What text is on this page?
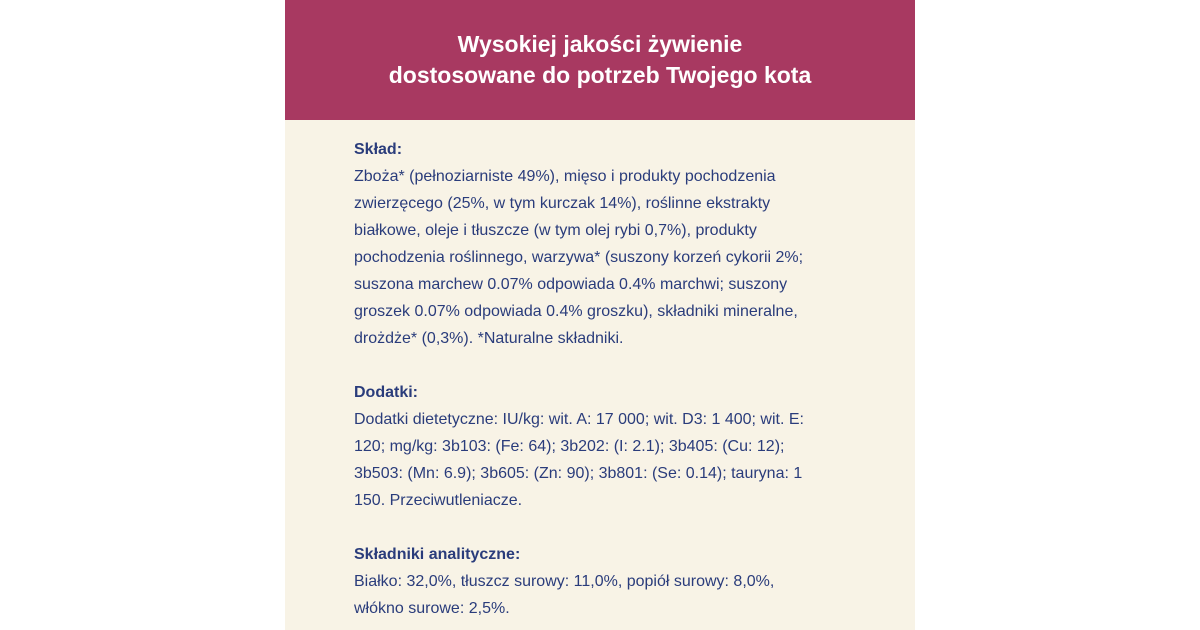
Wysokiej jakości żywienie
dostosowane do potrzeb Twojego kota
Skład:
Zboża* (pełnoziarniste 49%), mięso i produkty pochodzenia
zwierzęcego (25%, w tym kurczak 14%), roślinne ekstrakty
białkowe, oleje i tłuszcze (w tym olej rybi 0,7%), produkty
pochodzenia roślinnego, warzywa* (suszony korzeń cykorii 2%;
suszona marchew 0.07% odpowiada 0.4% marchwi; suszony
groszek 0.07% odpowiada 0.4% groszku), składniki mineralne,
drożdże* (0,3%). *Naturalne składniki.
Dodatki:
Dodatki dietetyczne: IU/kg: wit. A: 17 000; wit. D3: 1 400; wit. E:
120; mg/kg: 3b103: (Fe: 64); 3b202: (I: 2.1); 3b405: (Cu: 12);
3b503: (Mn: 6.9); 3b605: (Zn: 90); 3b801: (Se: 0.14); tauryna: 1
150. Przeciwutleniacze.
Składniki analityczne:
Białko: 32,0%, tłuszcz surowy: 11,0%, popiół surowy: 8,0%,
włókno surowe: 2,5%.
